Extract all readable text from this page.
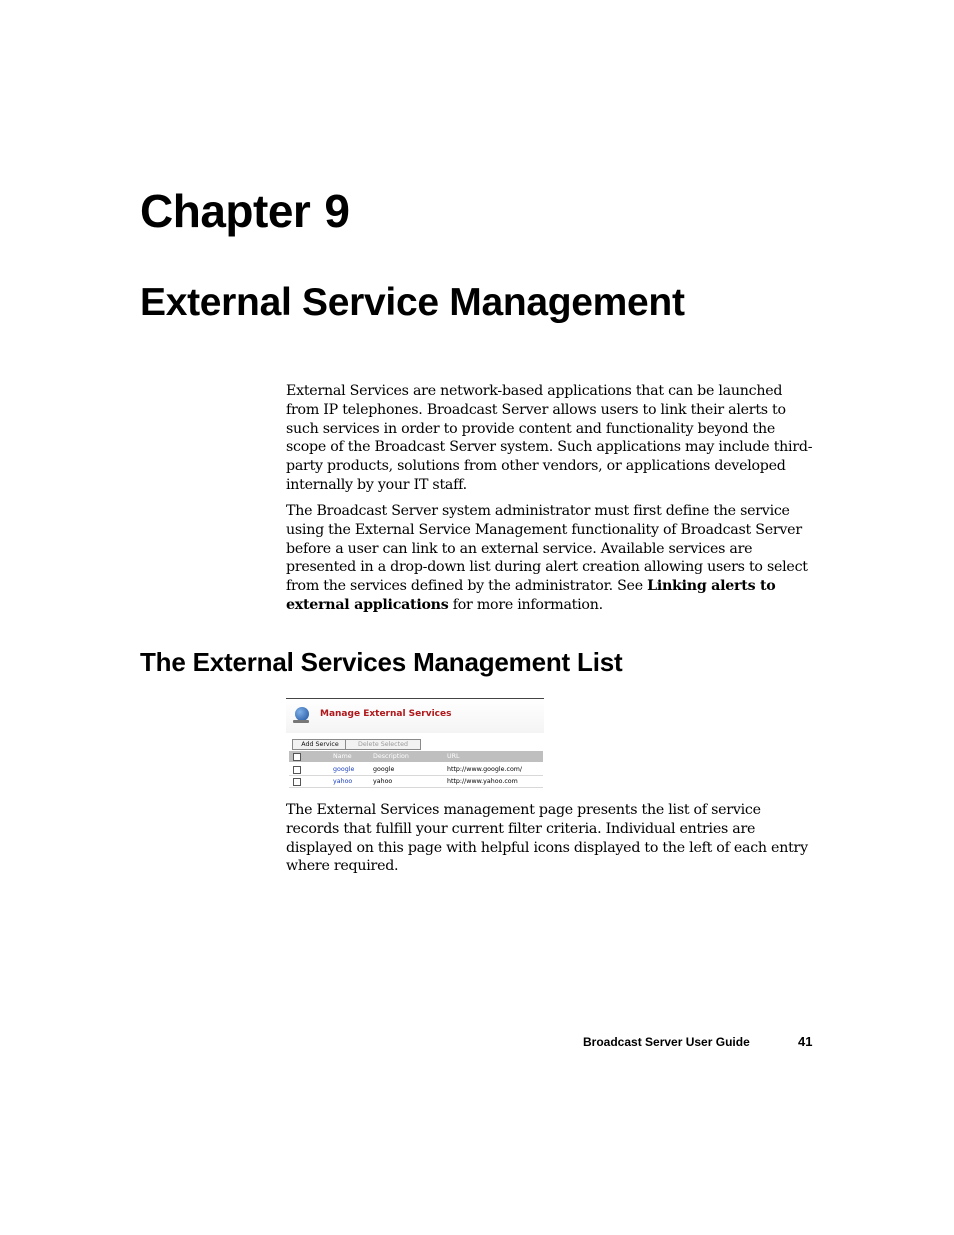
Chapter 9
External Service Management

External Services are network-based applications that can be launched from IP telephones. Broadcast Server allows users to link their alerts to such services in order to provide content and functionality beyond the scope of the Broadcast Server system. Such applications may include third-party products, solutions from other vendors, or applications developed internally by your IT staff.

The Broadcast Server system administrator must first define the service using the External Service Management functionality of Broadcast Server before a user can link to an external service. Available services are presented in a drop-down list during alert creation allowing users to select from the services defined by the administrator. See Linking alerts to external applications for more information.

The External Services Management List
Manage External Services
Add Service	Delete Selected
Name	Description	URL
google	google	http://www.google.com/
yahoo	yahoo	http://www.yahoo.com

The External Services management page presents the list of service records that fulfill your current filter criteria. Individual entries are displayed on this page with helpful icons displayed to the left of each entry where required.

Broadcast Server User Guide	41
